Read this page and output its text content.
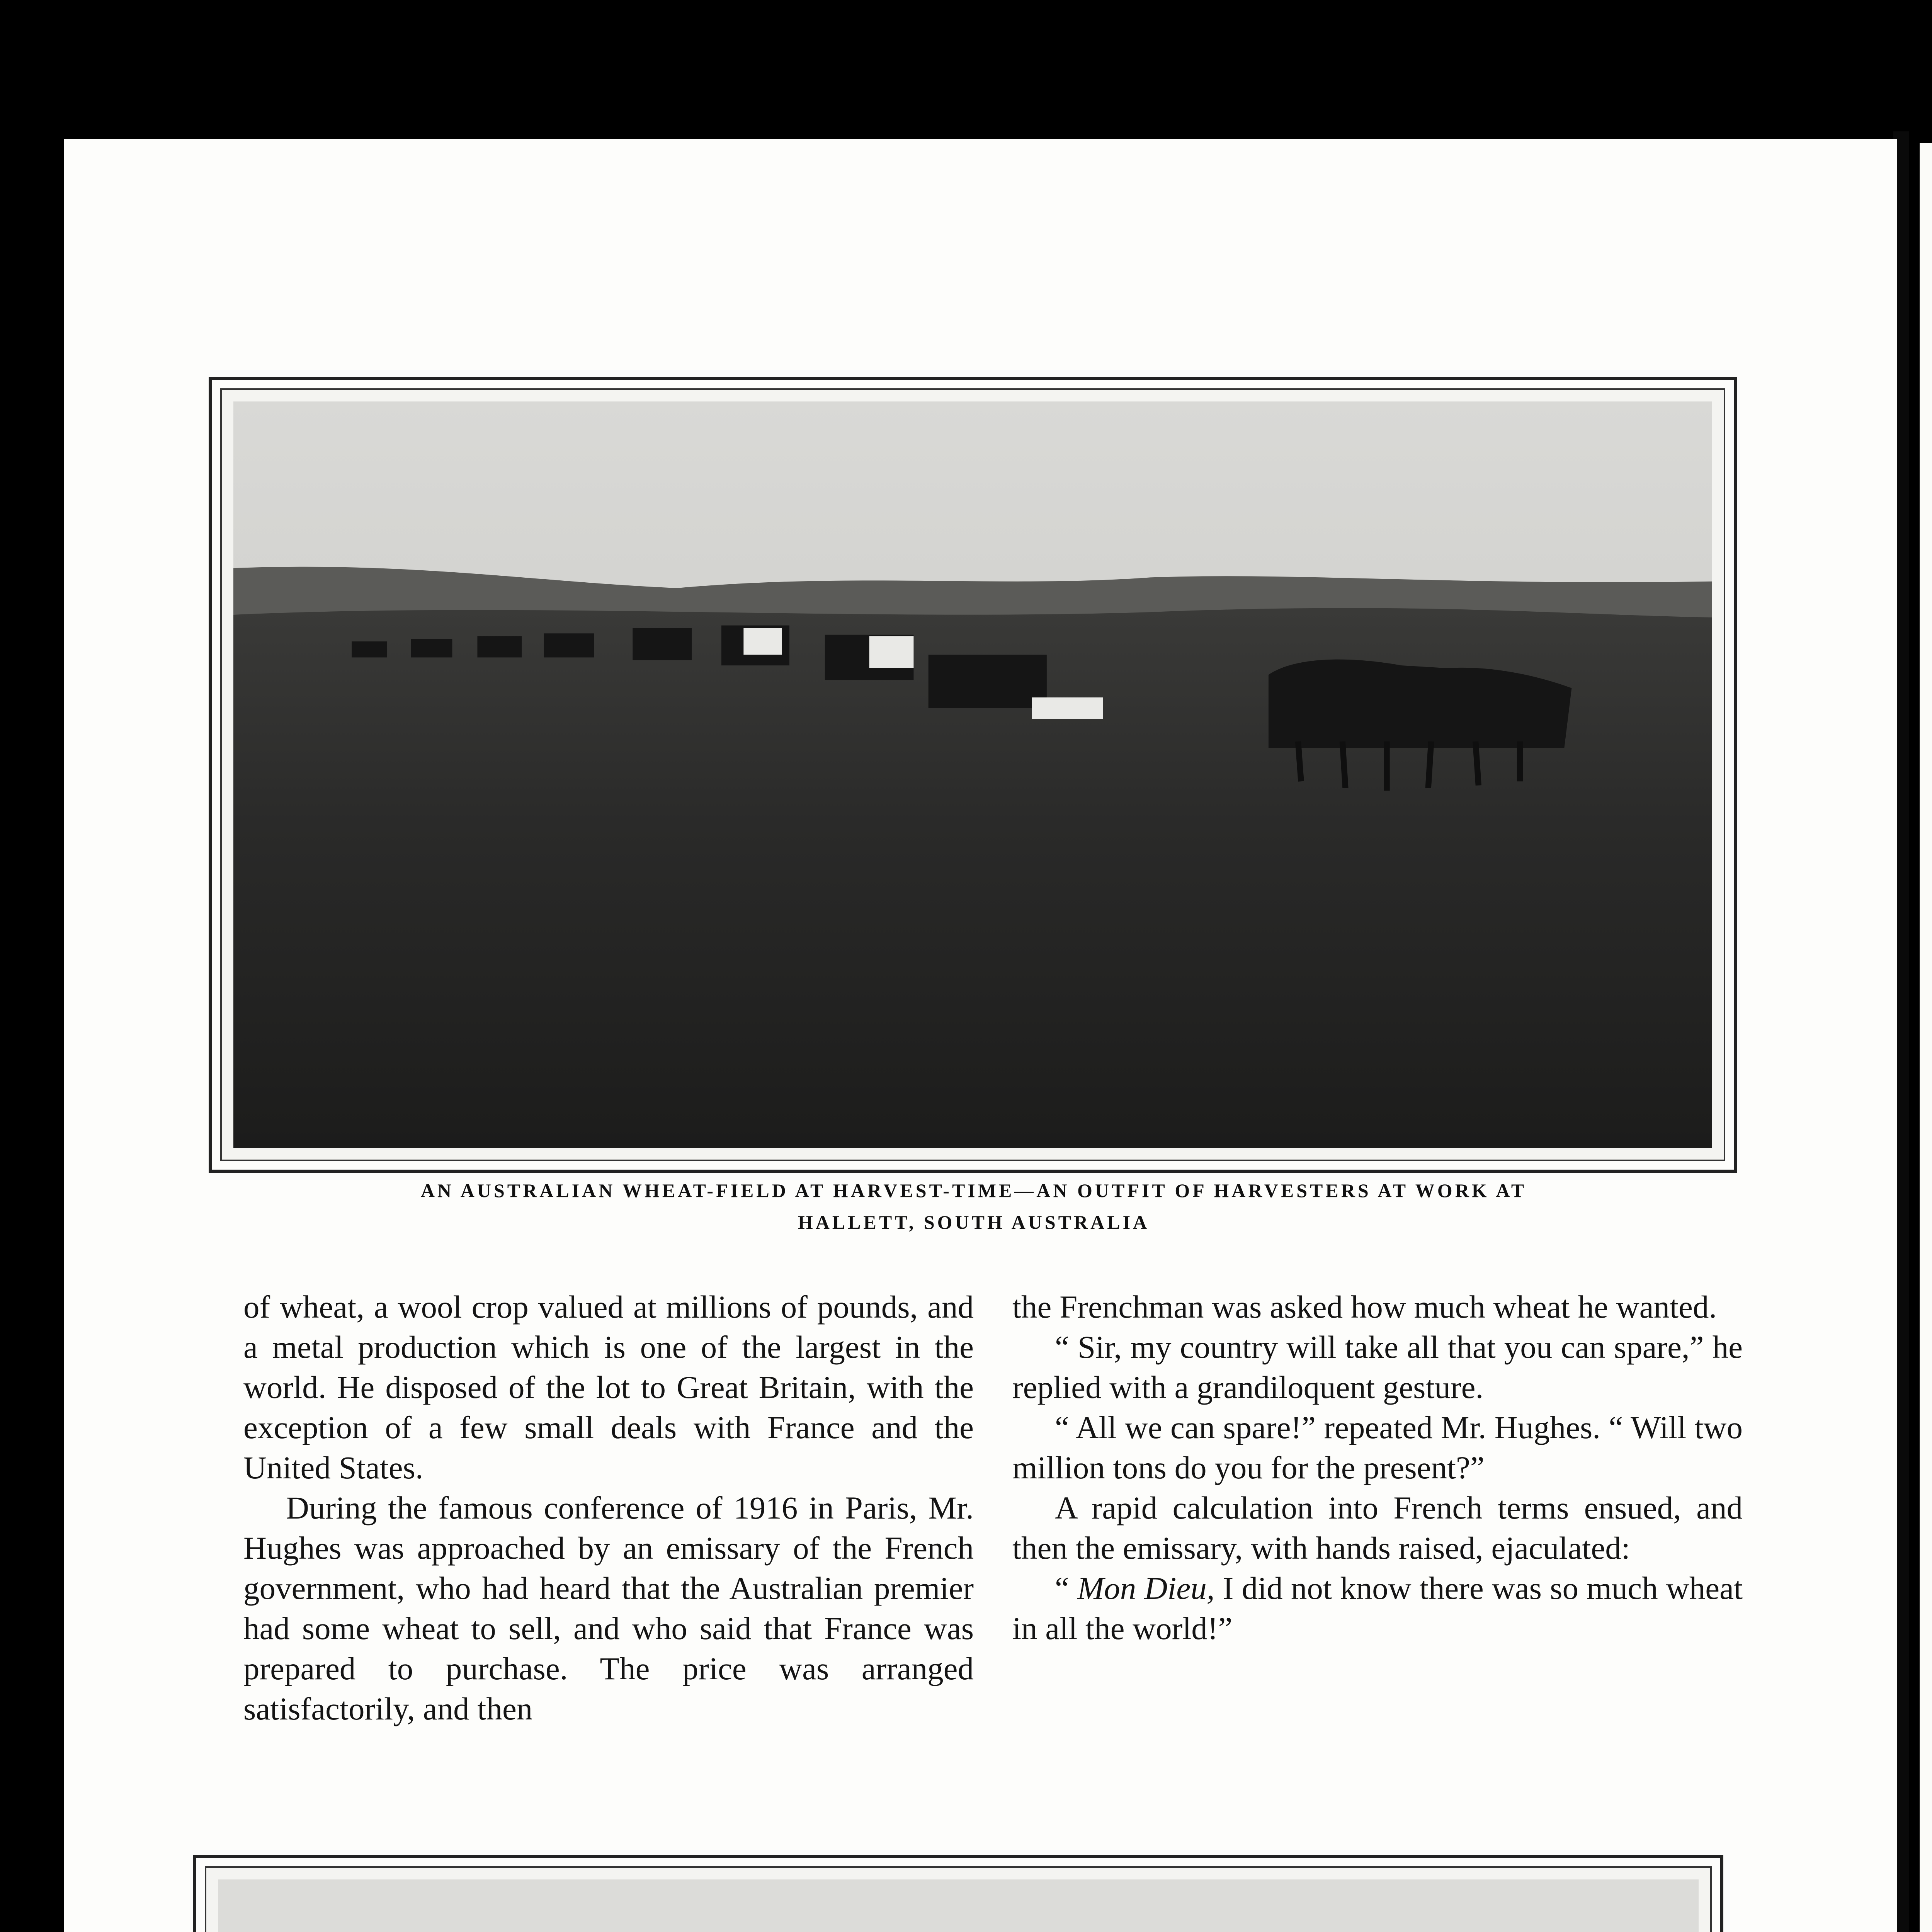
AN AUSTRALIAN WHEAT-FIELD AT HARVEST-TIME—AN OUTFIT OF HARVESTERS AT WORK AT
HALLETT, SOUTH AUSTRALIA

of wheat, a wool crop valued at millions of pounds, and a metal production which is one of the largest in the world. He disposed of the lot to Great Britain, with the exception of a few small deals with France and the United States.

During the famous conference of 1916 in Paris, Mr. Hughes was approached by an emissary of the French government, who had heard that the Australian premier had some wheat to sell, and who said that France was prepared to purchase. The price was arranged satisfactorily, and then

the Frenchman was asked how much wheat he wanted.

“ Sir, my country will take all that you can spare,” he replied with a grandiloquent gesture.

“ All we can spare!” repeated Mr. Hughes. “ Will two million tons do you for the present?”

A rapid calculation into French terms ensued, and then the emissary, with hands raised, ejaculated:

“ Mon Dieu, I did not know there was so much wheat in all the world!”
